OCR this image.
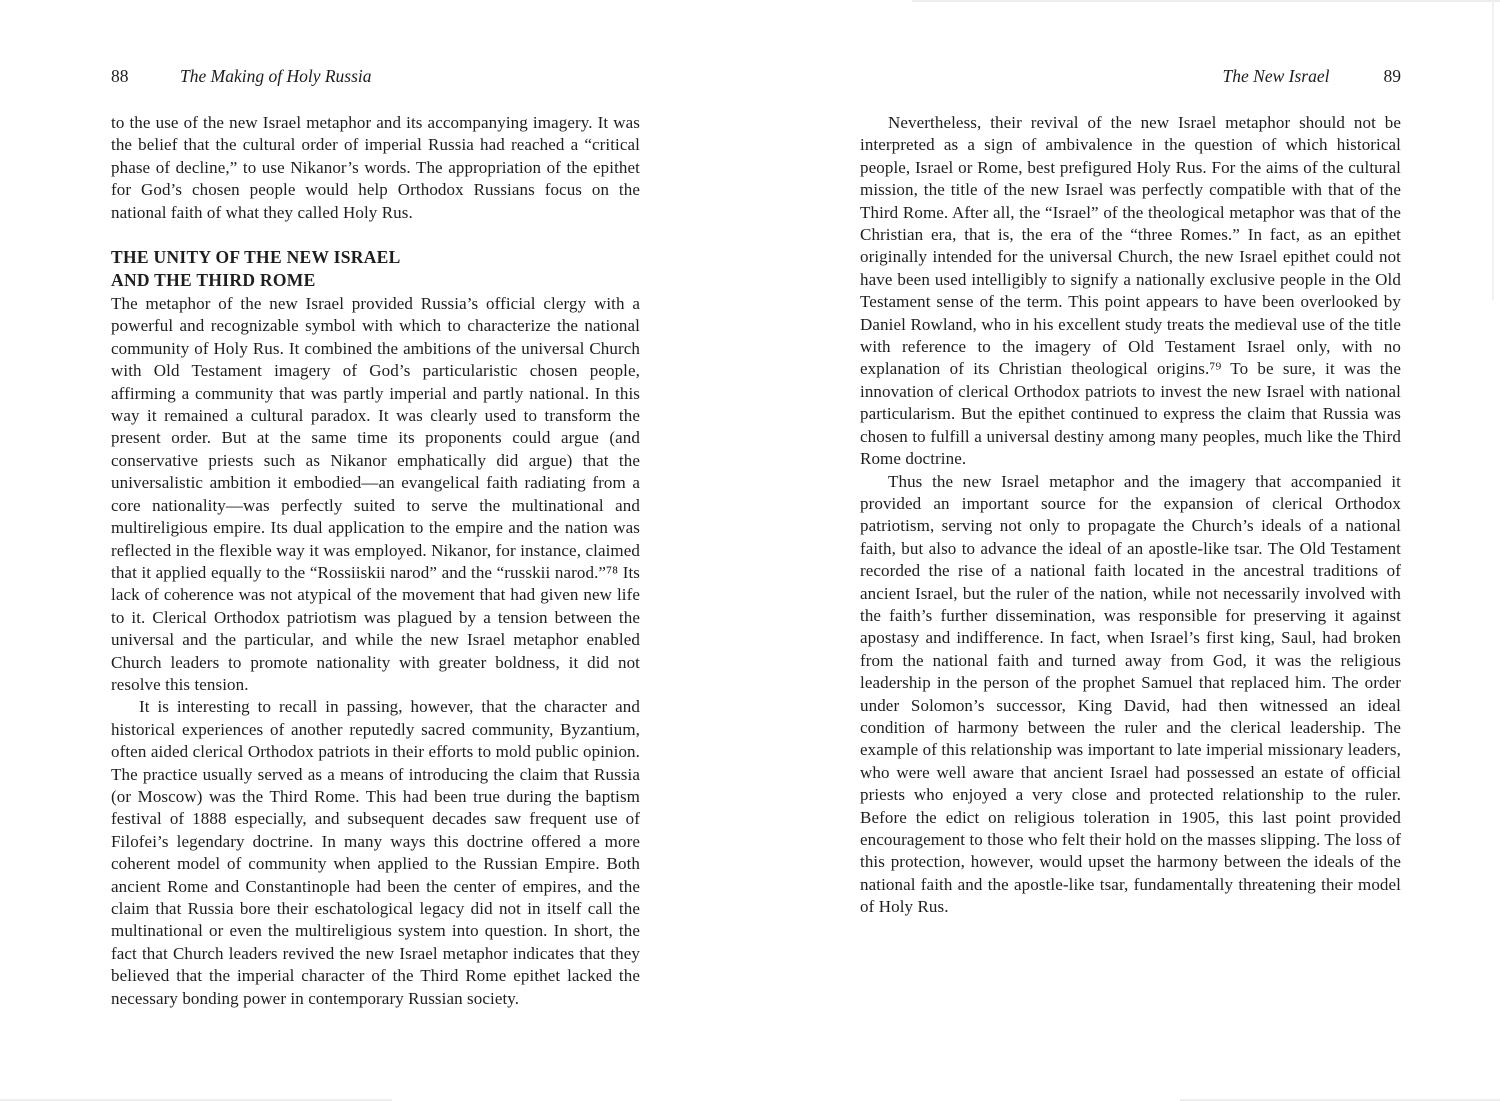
88	The Making of Holy Russia

to the use of the new Israel metaphor and its accompanying imagery. It was the belief that the cultural order of imperial Russia had reached a “critical phase of decline,” to use Nikanor’s words. The appropriation of the epithet for God’s chosen people would help Orthodox Russians focus on the national faith of what they called Holy Rus.

THE UNITY OF THE NEW ISRAEL
AND THE THIRD ROME

The metaphor of the new Israel provided Russia’s official clergy with a powerful and recognizable symbol with which to characterize the national community of Holy Rus. It combined the ambitions of the universal Church with Old Testament imagery of God’s particularistic chosen people, affirming a community that was partly imperial and partly national. In this way it remained a cultural paradox. It was clearly used to transform the present order. But at the same time its proponents could argue (and conservative priests such as Nikanor emphatically did argue) that the universalistic ambition it embodied—an evangelical faith radiating from a core nationality—was perfectly suited to serve the multinational and multireligious empire. Its dual application to the empire and the nation was reflected in the flexible way it was employed. Nikanor, for instance, claimed that it applied equally to the “Rossiiskii narod” and the “russkii narod.”⁷⁸ Its lack of coherence was not atypical of the movement that had given new life to it. Clerical Orthodox patriotism was plagued by a tension between the universal and the particular, and while the new Israel metaphor enabled Church leaders to promote nationality with greater boldness, it did not resolve this tension.

It is interesting to recall in passing, however, that the character and historical experiences of another reputedly sacred community, Byzantium, often aided clerical Orthodox patriots in their efforts to mold public opinion. The practice usually served as a means of introducing the claim that Russia (or Moscow) was the Third Rome. This had been true during the baptism festival of 1888 especially, and subsequent decades saw frequent use of Filofei’s legendary doctrine. In many ways this doctrine offered a more coherent model of community when applied to the Russian Empire. Both ancient Rome and Constantinople had been the center of empires, and the claim that Russia bore their eschatological legacy did not in itself call the multinational or even the multireligious system into question. In short, the fact that Church leaders revived the new Israel metaphor indicates that they believed that the imperial character of the Third Rome epithet lacked the necessary bonding power in contemporary Russian society.

The New Israel	89

Nevertheless, their revival of the new Israel metaphor should not be interpreted as a sign of ambivalence in the question of which historical people, Israel or Rome, best prefigured Holy Rus. For the aims of the cultural mission, the title of the new Israel was perfectly compatible with that of the Third Rome. After all, the “Israel” of the theological metaphor was that of the Christian era, that is, the era of the “three Romes.” In fact, as an epithet originally intended for the universal Church, the new Israel epithet could not have been used intelligibly to signify a nationally exclusive people in the Old Testament sense of the term. This point appears to have been overlooked by Daniel Rowland, who in his excellent study treats the medieval use of the title with reference to the imagery of Old Testament Israel only, with no explanation of its Christian theological origins.⁷⁹ To be sure, it was the innovation of clerical Orthodox patriots to invest the new Israel with national particularism. But the epithet continued to express the claim that Russia was chosen to fulfill a universal destiny among many peoples, much like the Third Rome doctrine.

Thus the new Israel metaphor and the imagery that accompanied it provided an important source for the expansion of clerical Orthodox patriotism, serving not only to propagate the Church’s ideals of a national faith, but also to advance the ideal of an apostle-like tsar. The Old Testament recorded the rise of a national faith located in the ancestral traditions of ancient Israel, but the ruler of the nation, while not necessarily involved with the faith’s further dissemination, was responsible for preserving it against apostasy and indifference. In fact, when Israel’s first king, Saul, had broken from the national faith and turned away from God, it was the religious leadership in the person of the prophet Samuel that replaced him. The order under Solomon’s successor, King David, had then witnessed an ideal condition of harmony between the ruler and the clerical leadership. The example of this relationship was important to late imperial missionary leaders, who were well aware that ancient Israel had possessed an estate of official priests who enjoyed a very close and protected relationship to the ruler. Before the edict on religious toleration in 1905, this last point provided encouragement to those who felt their hold on the masses slipping. The loss of this protection, however, would upset the harmony between the ideals of the national faith and the apostle-like tsar, fundamentally threatening their model of Holy Rus.
